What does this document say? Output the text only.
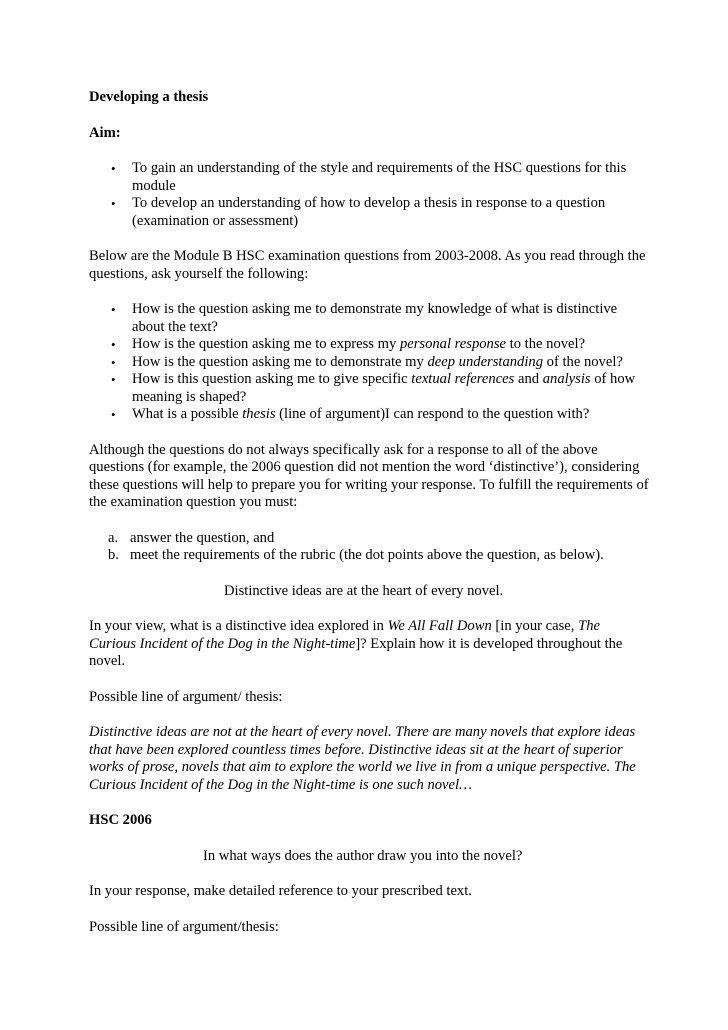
Developing a thesis

Aim:

• To gain an understanding of the style and requirements of the HSC questions for this module
• To develop an understanding of how to develop a thesis in response to a question (examination or assessment)

Below are the Module B HSC examination questions from 2003-2008. As you read through the questions, ask yourself the following:

• How is the question asking me to demonstrate my knowledge of what is distinctive about the text?
• How is the question asking me to express my personal response to the novel?
• How is the question asking me to demonstrate my deep understanding of the novel?
• How is this question asking me to give specific textual references and analysis of how meaning is shaped?
• What is a possible thesis (line of argument)I can respond to the question with?

Although the questions do not always specifically ask for a response to all of the above questions (for example, the 2006 question did not mention the word ‘distinctive’), considering these questions will help to prepare you for writing your response. To fulfill the requirements of the examination question you must:

a. answer the question, and
b. meet the requirements of the rubric (the dot points above the question, as below).

Distinctive ideas are at the heart of every novel.

In your view, what is a distinctive idea explored in We All Fall Down [in your case, The Curious Incident of the Dog in the Night-time]? Explain how it is developed throughout the novel.

Possible line of argument/ thesis:

Distinctive ideas are not at the heart of every novel. There are many novels that explore ideas that have been explored countless times before. Distinctive ideas sit at the heart of superior works of prose, novels that aim to explore the world we live in from a unique perspective. The Curious Incident of the Dog in the Night-time is one such novel…

HSC 2006

In what ways does the author draw you into the novel?

In your response, make detailed reference to your prescribed text.

Possible line of argument/thesis:
